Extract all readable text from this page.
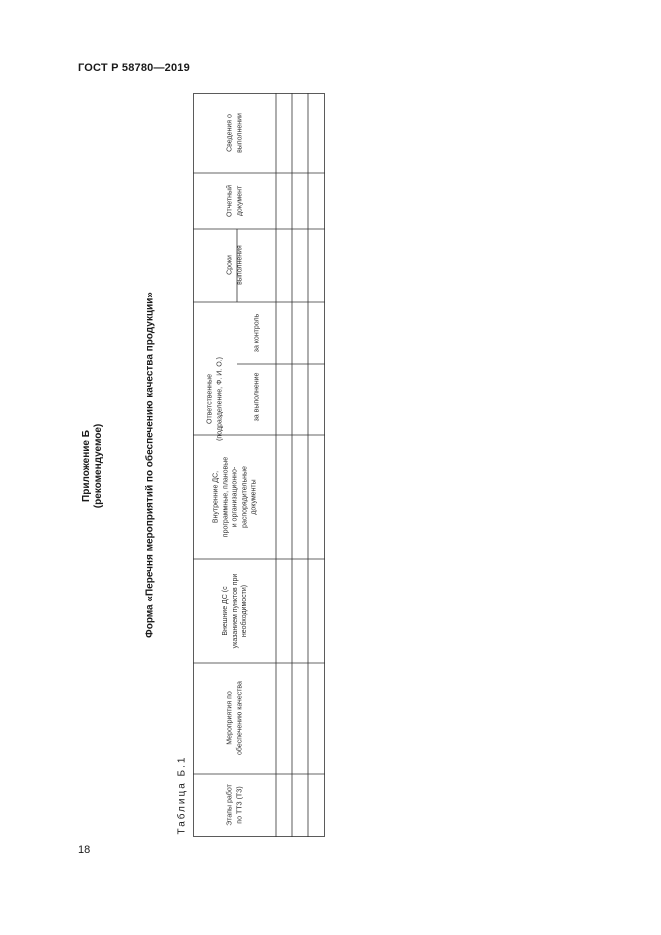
ГОСТ Р 58780—2019
Приложение Б (рекомендуемое)	Форма «Перечня мероприятий по обеспечению качества продукции»
Таблица Б.1
Сведения о выполнении
Отчетный документ
Сроки выполнения
Ответственные (подразделение, Ф. И. О.)
за контроль
за выполнение
Внутренние ДС, программные, плановые и организационно- распорядительные документы
Внешние ДС (с указанием пунктов при необходимости)
Мероприятия по обеспечению качества
Этапы работ по ТТЗ (ТЗ)
18
